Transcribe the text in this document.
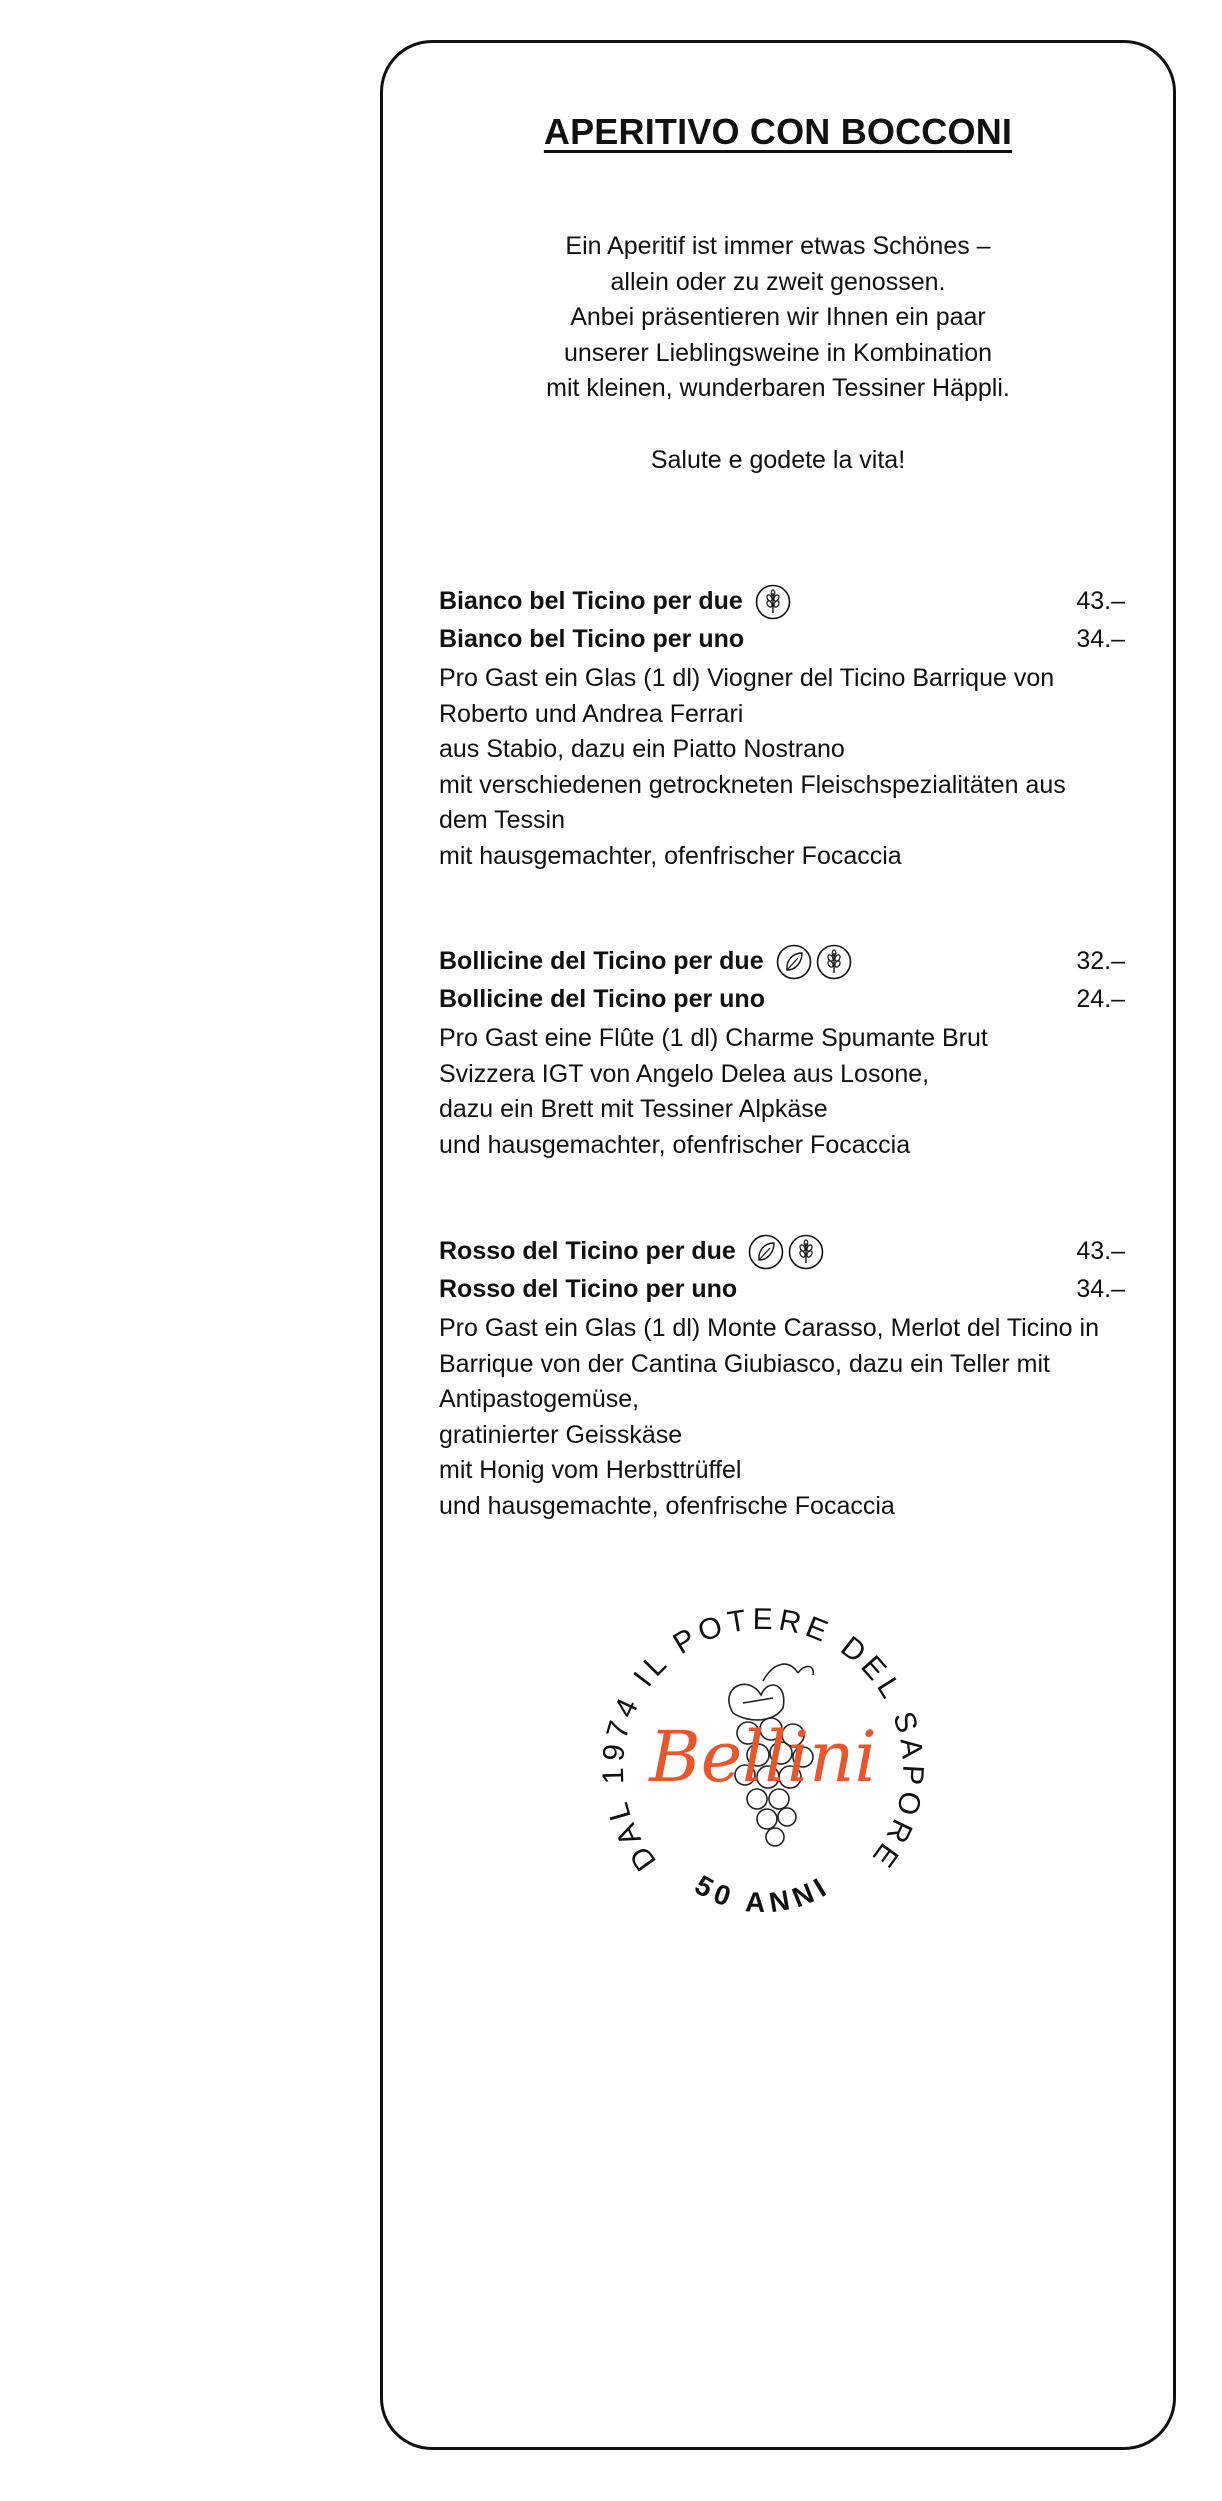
APERITIVO CON BOCCONI
Ein Aperitif ist immer etwas Schönes –
allein oder zu zweit genossen.
Anbei präsentieren wir Ihnen ein paar
unserer Lieblingsweine in Kombination
mit kleinen, wunderbaren Tessiner Häppli.
Salute e godete la vita!
Bianco bel Ticino per due	43.–
Bianco bel Ticino per uno	34.–
Pro Gast ein Glas (1 dl) Viogner del Ticino Barrique von
Roberto und Andrea Ferrari
aus Stabio, dazu ein Piatto Nostrano
mit verschiedenen getrockneten Fleischspezialitäten aus
dem Tessin
mit hausgemachter, ofenfrischer Focaccia
Bollicine del Ticino per due	32.–
Bollicine del Ticino per uno	24.–
Pro Gast eine Flûte (1 dl) Charme Spumante Brut
Svizzera IGT von Angelo Delea aus Losone,
dazu ein Brett mit Tessiner Alpkäse
und hausgemachter, ofenfrischer Focaccia
Rosso del Ticino per due	43.–
Rosso del Ticino per uno	34.–
Pro Gast ein Glas (1 dl) Monte Carasso, Merlot del Ticino in
Barrique von der Cantina Giubiasco, dazu ein Teller mit
Antipastogemüse,
gratinierter Geisskäse
mit Honig vom Herbsttrüffel
und hausgemachte, ofenfrische Focaccia
DAL 1974 IL POTERE DEL SAPORE
50 ANNI
Bellini
